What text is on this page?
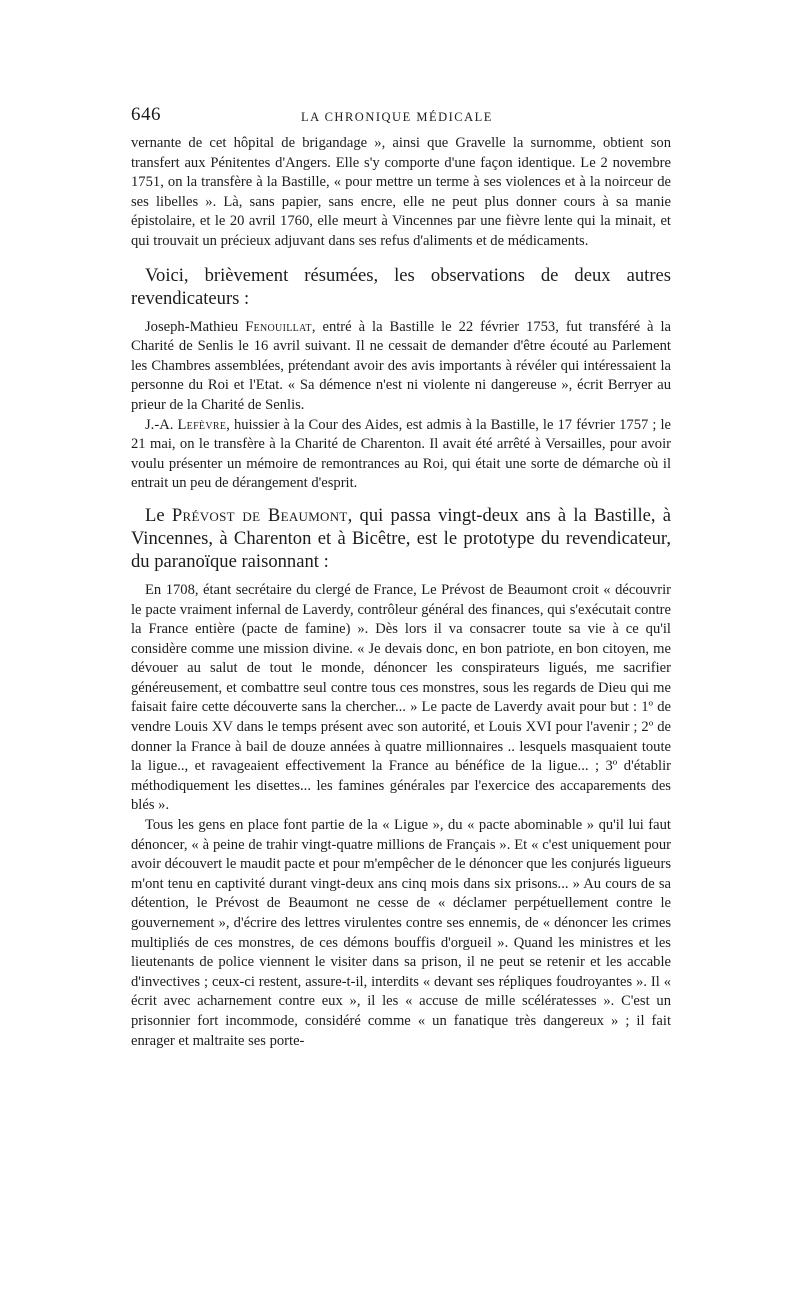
646	LA CHRONIQUE MÉDICALE

vernante de cet hôpital de brigandage », ainsi que Gravelle la surnomme, obtient son transfert aux Pénitentes d'Angers. Elle s'y comporte d'une façon identique. Le 2 novembre 1751, on la transfère à la Bastille, « pour mettre un terme à ses violences et à la noirceur de ses libelles ». Là, sans papier, sans encre, elle ne peut plus donner cours à sa manie épistolaire, et le 20 avril 1760, elle meurt à Vincennes par une fièvre lente qui la minait, et qui trouvait un précieux adjuvant dans ses refus d'aliments et de médicaments.

Voici, brièvement résumées, les observations de deux autres revendicateurs :

Joseph-Mathieu Fenouillat, entré à la Bastille le 22 février 1753, fut transféré à la Charité de Senlis le 16 avril suivant. Il ne cessait de demander d'être écouté au Parlement les Chambres assemblées, prétendant avoir des avis importants à révéler qui intéressaient la personne du Roi et l'Etat. « Sa démence n'est ni violente ni dangereuse », écrit Berryer au prieur de la Charité de Senlis.

J.-A. Lefèvre, huissier à la Cour des Aides, est admis à la Bastille, le 17 février 1757 ; le 21 mai, on le transfère à la Charité de Charenton. Il avait été arrêté à Versailles, pour avoir voulu présenter un mémoire de remontrances au Roi, qui était une sorte de démarche où il entrait un peu de dérangement d'esprit.

Le Prévost de Beaumont, qui passa vingt-deux ans à la Bastille, à Vincennes, à Charenton et à Bicêtre, est le prototype du revendicateur, du paranoïque raisonnant :

En 1708, étant secrétaire du clergé de France, Le Prévost de Beaumont croit « découvrir le pacte vraiment infernal de Laverdy, contrôleur général des finances, qui s'exécutait contre la France entière (pacte de famine) ». Dès lors il va consacrer toute sa vie à ce qu'il considère comme une mission divine. « Je devais donc, en bon patriote, en bon citoyen, me dévouer au salut de tout le monde, dénoncer les conspirateurs ligués, me sacrifier généreusement, et combattre seul contre tous ces monstres, sous les regards de Dieu qui me faisait faire cette découverte sans la chercher... » Le pacte de Laverdy avait pour but : 1º de vendre Louis XV dans le temps présent avec son autorité, et Louis XVI pour l'avenir ; 2º de donner la France à bail de douze années à quatre millionnaires .. lesquels masquaient toute la ligue.., et ravageaient effectivement la France au bénéfice de la ligue... ; 3º d'établir méthodiquement les disettes... les famines générales par l'exercice des accaparements des blés ».

Tous les gens en place font partie de la « Ligue », du « pacte abominable » qu'il lui faut dénoncer, « à peine de trahir vingt-quatre millions de Français ». Et « c'est uniquement pour avoir découvert le maudit pacte et pour m'empêcher de le dénoncer que les conjurés ligueurs m'ont tenu en captivité durant vingt-deux ans cinq mois dans six prisons... » Au cours de sa détention, le Prévost de Beaumont ne cesse de « déclamer perpétuellement contre le gouvernement », d'écrire des lettres virulentes contre ses ennemis, de « dénoncer les crimes multipliés de ces monstres, de ces démons bouffis d'orgueil ». Quand les ministres et les lieutenants de police viennent le visiter dans sa prison, il ne peut se retenir et les accable d'invectives ; ceux-ci restent, assure-t-il, interdits « devant ses répliques foudroyantes ». Il « écrit avec acharnement contre eux », il les « accuse de mille scélératesses ». C'est un prisonnier fort incommode, considéré comme « un fanatique très dangereux » ; il fait enrager et maltraite ses porte-
